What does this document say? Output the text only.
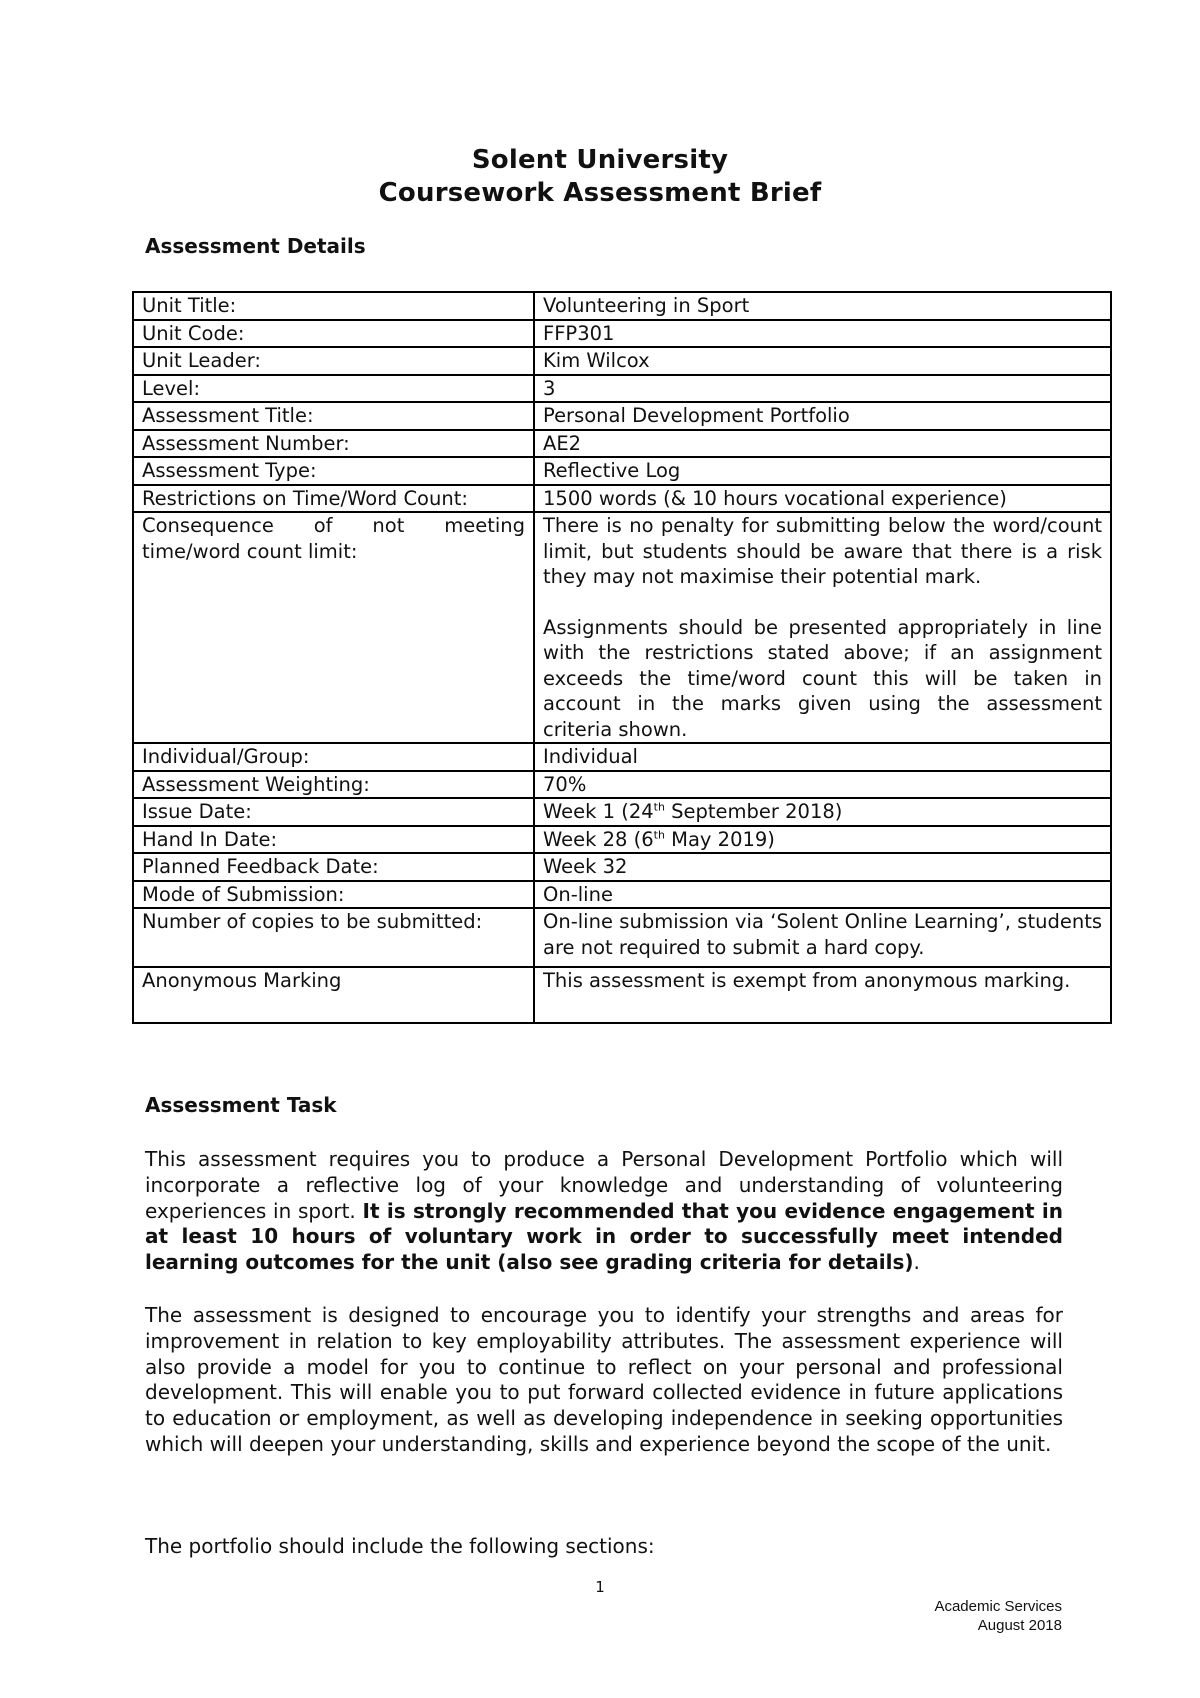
Solent University
Coursework Assessment Brief
Assessment Details
Unit Title:	Volunteering in Sport
Unit Code:	FFP301
Unit Leader:	Kim Wilcox
Level:	3
Assessment Title:	Personal Development Portfolio
Assessment Number:	AE2
Assessment Type:	Reflective Log
Restrictions on Time/Word Count:	1500 words (& 10 hours vocational experience)
Consequence of not meeting time/word count limit:	There is no penalty for submitting below the word/count limit, but students should be aware that there is a risk they may not maximise their potential mark.
Assignments should be presented appropriately in line with the restrictions stated above; if an assignment exceeds the time/word count this will be taken in account in the marks given using the assessment criteria shown.

Individual/Group:	Individual
Assessment Weighting:	70%
Issue Date:	Week 1 (24th September 2018)
Hand In Date:	Week 28 (6th May 2019)
Planned Feedback Date:	Week 32
Mode of Submission:	On-line
Number of copies to be submitted:	On-line submission via ‘Solent Online Learning’, students are not required to submit a hard copy.
Anonymous Marking	This assessment is exempt from anonymous marking.
Assessment Task
This assessment requires you to produce a Personal Development Portfolio which will incorporate a reflective log of your knowledge and understanding of volunteering experiences in sport. It is strongly recommended that you evidence engagement in at least 10 hours of voluntary work in order to successfully meet intended learning outcomes for the unit (also see grading criteria for details).
The assessment is designed to encourage you to identify your strengths and areas for improvement in relation to key employability attributes. The assessment experience will also provide a model for you to continue to reflect on your personal and professional development. This will enable you to put forward collected evidence in future applications to education or employment, as well as developing independence in seeking opportunities which will deepen your understanding, skills and experience beyond the scope of the unit.
The portfolio should include the following sections:
1
Academic Services
August 2018
